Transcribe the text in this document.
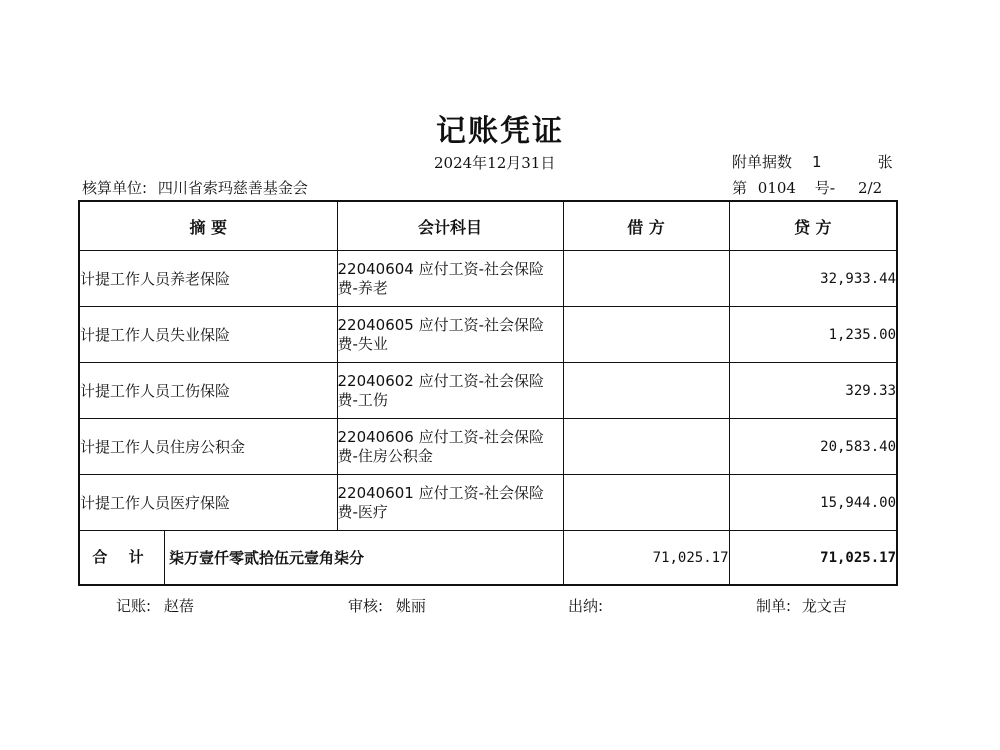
记账凭证
2024年12月31日	附单据数 1	张
核算单位: 四川省索玛慈善基金会	第 0104 号- 2/2
摘 要	会计科目	借 方	贷 方
计提工作人员养老保险	22040604 应付工资-社会保险
费-养老		32,933.44
计提工作人员失业保险	22040605 应付工资-社会保险
费-失业		1,235.00
计提工作人员工伤保险	22040602 应付工资-社会保险
费-工伤		329.33
计提工作人员住房公积金	22040606 应付工资-社会保险
费-住房公积金		20,583.40
计提工作人员医疗保险	22040601 应付工资-社会保险
费-医疗		15,944.00

合 计 柒万壹仟零贰拾伍元壹角柒分		71,025.17	71,025.17
记账: 赵蓓	审核: 姚丽	出纳:	制单: 龙文吉
